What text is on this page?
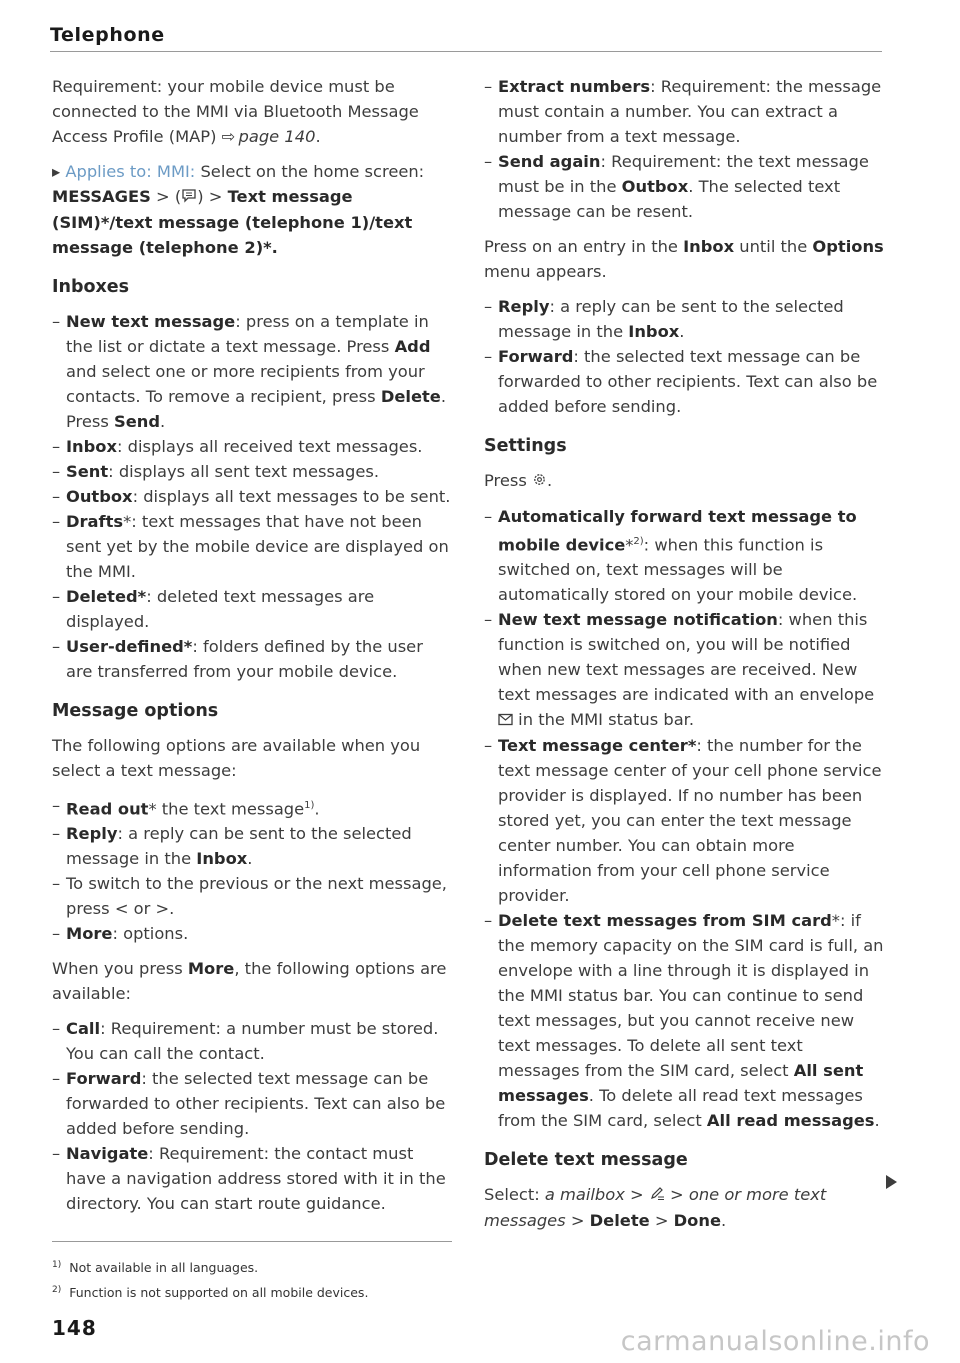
Telephone

Requirement: your mobile device must be connected to the MMI via Bluetooth Message Access Profile (MAP) ⇨  page 140.

▸ Applies to: MMI: Select on the home screen: MESSAGES > ( ) > Text message (SIM)*/text message (telephone 1)/text message (telephone 2)*.

Inboxes
– New text message: press on a template in the list or dictate a text message. Press Add and select one or more recipients from your contacts. To remove a recipient, press Delete. Press Send.
– Inbox: displays all received text messages.
– Sent: displays all sent text messages.
– Outbox: displays all text messages to be sent.
– Drafts*: text messages that have not been sent yet by the mobile device are displayed on the MMI.
– Deleted*: deleted text messages are displayed.
– User-defined*: folders defined by the user are transferred from your mobile device.
Message options

The following options are available when you select a text message:

– Read out* the text message$^{1)}$.
– Reply: a reply can be sent to the selected message in the Inbox.
– To switch to the previous or the next message, press < or >.
– More: options.

When you press More, the following options are available:

– Call: Requirement: a number must be stored. You can call the contact.
– Forward: the selected text message can be forwarded to other recipients. Text can also be added before sending.
– Navigate: Requirement: the contact must have a navigation address stored with it in the directory. You can start route guidance.
– Extract numbers: Requirement: the message must contain a number. You can extract a number from a text message.
– Send again: Requirement: the text message must be in the Outbox. The selected text message can be resent.

Press on an entry in the Inbox until the Options menu appears.

– Reply: a reply can be sent to the selected message in the Inbox.
– Forward: the selected text message can be forwarded to other recipients. Text can also be added before sending.
Settings

Press .

– Automatically forward text message to mobile device*$^{2)}$: when this function is switched on, text messages will be automatically stored on your mobile device.
– New text message notification: when this function is switched on, you will be notified when new text messages are received. New text messages are indicated with an envelope  in the MMI status bar.
– Text message center*: the number for the text message center of your cell phone service provider is displayed. If no number has been stored yet, you can enter the text message center number. You can obtain more information from your cell phone service provider.
– Delete text messages from SIM card*: if the memory capacity on the SIM card is full, an envelope with a line through it is displayed in the MMI status bar. You can continue to send text messages, but you cannot receive new text messages. To delete all sent text messages from the SIM card, select All sent messages. To delete all read text messages from the SIM card, select All read messages.
Delete text message

Select: a mailbox >  > one or more text messages > Delete > Done.

$^{1)}$ Not available in all languages.
$^{2)}$ Function is not supported on all mobile devices.
148	carmanualsonline.info
